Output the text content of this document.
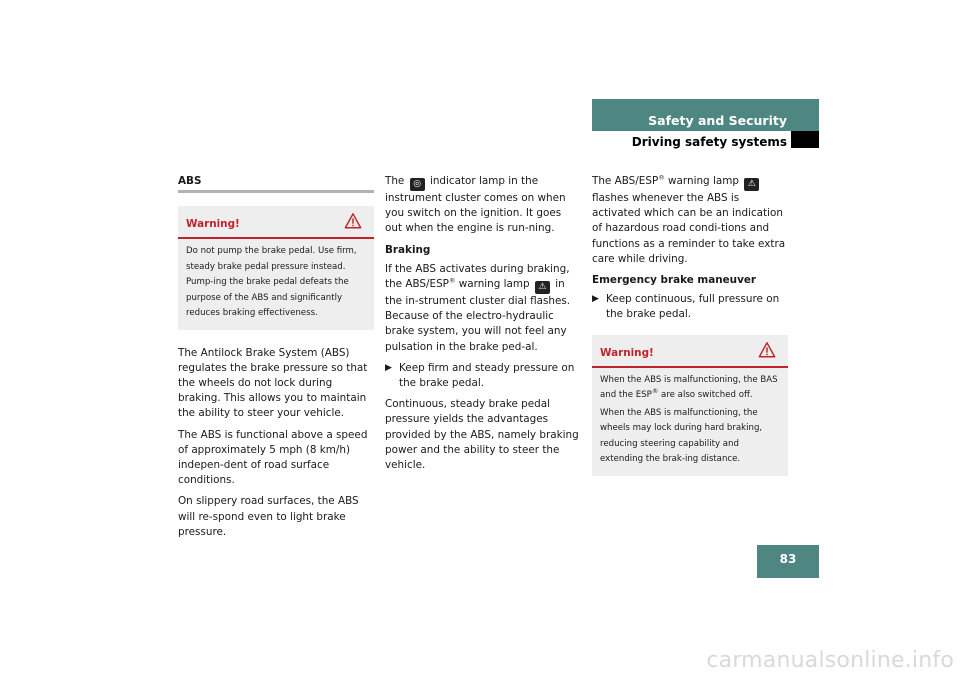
Safety and Security
Driving safety systems
ABS
Warning!

Do not pump the brake pedal. Use firm, steady brake pedal pressure instead. Pump-ing the brake pedal defeats the purpose of the ABS and significantly reduces braking effectiveness.

The Antilock Brake System (ABS) regulates the brake pressure so that the wheels do not lock during braking. This allows you to maintain the ability to steer your vehicle.

The ABS is functional above a speed of approximately 5 mph (8 km/h) indepen-dent of road surface conditions.

On slippery road surfaces, the ABS will re-spond even to light brake pressure.

The ◎ indicator lamp in the instrument cluster comes on when you switch on the ignition. It goes out when the engine is run-ning.

Braking

If the ABS activates during braking, the ABS/ESP® warning lamp ⚠ in the in-strument cluster dial flashes. Because of the electro-hydraulic brake system, you will not feel any pulsation in the brake ped-al.

▶ Keep firm and steady pressure on the brake pedal.

Continuous, steady brake pedal pressure yields the advantages provided by the ABS, namely braking power and the ability to steer the vehicle.

The ABS/ESP® warning lamp ⚠ flashes whenever the ABS is activated which can be an indication of hazardous road condi-tions and functions as a reminder to take extra care while driving.

Emergency brake maneuver
▶ Keep continuous, full pressure on the brake pedal.
Warning!

When the ABS is malfunctioning, the BAS and the ESP® are also switched off.

When the ABS is malfunctioning, the wheels may lock during hard braking, reducing steering capability and extending the brak-ing distance.

83
carmanualsonline.info
